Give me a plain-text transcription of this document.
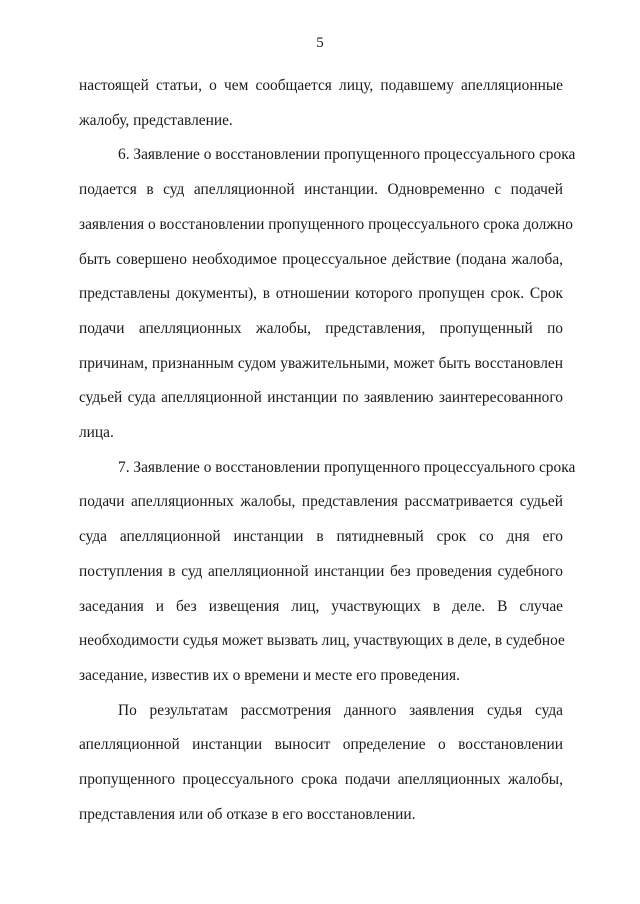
5
настоящей статьи, о чем сообщается лицу, подавшему апелляционные
жалобу, представление.
6. Заявление о восстановлении пропущенного процессуального срока
подается в суд апелляционной инстанции. Одновременно с подачей
заявления о восстановлении пропущенного процессуального срока должно
быть совершено необходимое процессуальное действие (подана жалоба,
представлены документы), в отношении которого пропущен срок. Срок
подачи апелляционных жалобы, представления, пропущенный по
причинам, признанным судом уважительными, может быть восстановлен
судьей суда апелляционной инстанции по заявлению заинтересованного
лица.
7. Заявление о восстановлении пропущенного процессуального срока
подачи апелляционных жалобы, представления рассматривается судьей
суда апелляционной инстанции в пятидневный срок со дня его
поступления в суд апелляционной инстанции без проведения судебного
заседания и без извещения лиц, участвующих в деле. В случае
необходимости судья может вызвать лиц, участвующих в деле, в судебное
заседание, известив их о времени и месте его проведения.
По результатам рассмотрения данного заявления судья суда
апелляционной инстанции выносит определение о восстановлении
пропущенного процессуального срока подачи апелляционных жалобы,
представления или об отказе в его восстановлении.
